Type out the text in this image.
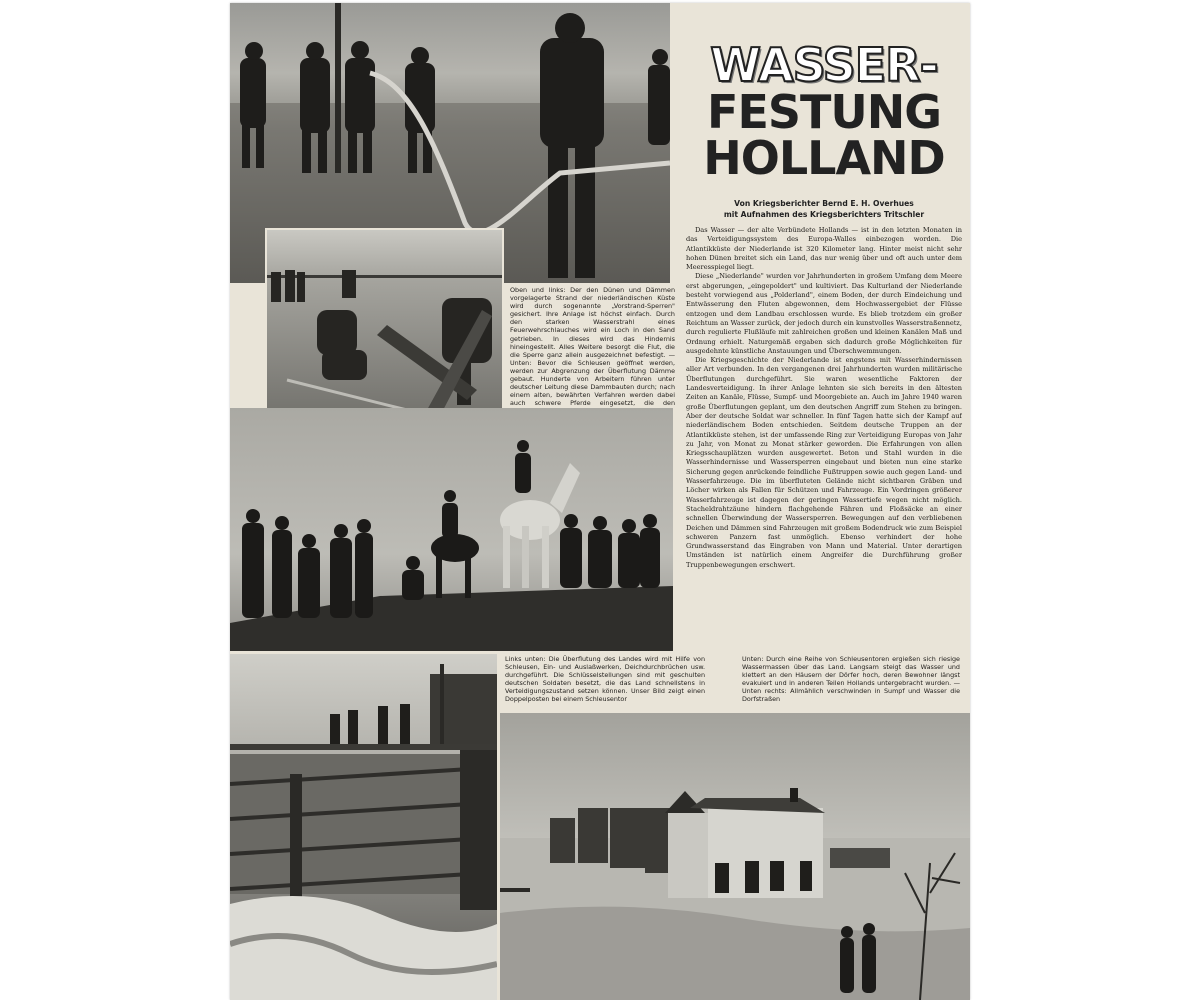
Oben und links: Der den Dünen und Dämmen vorgelagerte Strand der niederländischen Küste wird durch sogenannte „Vorstrand-Sperren" gesichert. Ihre Anlage ist höchst einfach. Durch den starken Wasserstrahl eines Feuerwehrschlauches wird ein Loch in den Sand getrieben. In dieses wird das Hindernis hineingestellt. Alles Weitere besorgt die Flut, die die Sperre ganz allein ausgezeichnet befestigt. — Unten: Bevor die Schleusen geöffnet werden, werden zur Abgrenzung der Überflutung Dämme gebaut. Hunderte von Arbeitern führen unter deutscher Leitung diese Dammbauten durch; nach einem alten, bewährten Verfahren werden dabei auch schwere Pferde eingesetzt, die den
WASSER-
FESTUNG
HOLLAND
Von Kriegsberichter Bernd E. H. Overhues
mit Aufnahmen des Kriegsberichters Tritschler

Das Wasser — der alte Verbündete Hollands — ist in den letzten Monaten in das Verteidigungssystem des Europa-Walles einbezogen worden. Die Atlantikküste der Niederlande ist 320 Kilometer lang. Hinter meist nicht sehr hohen Dünen breitet sich ein Land, das nur wenig über und oft auch unter dem Meeresspiegel liegt.

Diese „Niederlande" wurden vor Jahrhunderten in großem Umfang dem Meere erst abgerungen, „eingepoldert" und kultiviert. Das Kulturland der Niederlande besteht vorwiegend aus „Polderland", einem Boden, der durch Eindeichung und Entwässerung den Fluten abgewonnen, dem Hochwassergebiet der Flüsse entzogen und dem Landbau erschlossen wurde. Es blieb trotzdem ein großer Reichtum an Wasser zurück, der jedoch durch ein kunstvolles Wasserstraßennetz, durch regulierte Flußläufe mit zahlreichen großen und kleinen Kanälen Maß und Ordnung erhielt. Naturgemäß ergaben sich dadurch große Möglichkeiten für ausgedehnte künstliche Anstauungen und Überschwemmungen.

Die Kriegsgeschichte der Niederlande ist engstens mit Wasserhindernissen aller Art verbunden. In den vergangenen drei Jahrhunderten wurden militärische Überflutungen durchgeführt. Sie waren wesentliche Faktoren der Landesverteidigung. In ihrer Anlage lehnten sie sich bereits in den ältesten Zeiten an Kanäle, Flüsse, Sumpf- und Moorgebiete an. Auch im Jahre 1940 waren große Überflutungen geplant, um den deutschen Angriff zum Stehen zu bringen. Aber der deutsche Soldat war schneller. In fünf Tagen hatte sich der Kampf auf niederländischem Boden entschieden. Seitdem deutsche Truppen an der Atlantikküste stehen, ist der umfassende Ring zur Verteidigung Europas von Jahr zu Jahr, von Monat zu Monat stärker geworden. Die Erfahrungen von allen Kriegsschauplätzen wurden ausgewertet. Beton und Stahl wurden in die Wasserhindernisse und Wassersperren eingebaut und bieten nun eine starke Sicherung gegen anrückende feindliche Fußtruppen sowie auch gegen Land- und Wasserfahrzeuge. Die im überfluteten Gelände nicht sichtbaren Gräben und Löcher wirken als Fallen für Schützen und Fahrzeuge. Ein Vordringen größerer Wasserfahrzeuge ist dagegen der geringen Wassertiefe wegen nicht möglich. Stacheldrahtzäune hindern flachgehende Fähren und Floßsäcke an einer schnellen Überwindung der Wassersperren. Bewegungen auf den verbliebenen Deichen und Dämmen sind Fahrzeugen mit großem Bodendruck wie zum Beispiel schweren Panzern fast unmöglich. Ebenso verhindert der hohe Grundwasserstand das Eingraben von Mann und Material. Unter derartigen Umständen ist natürlich einem Angreifer die Durchführung großer Truppenbewegungen erschwert.

Links unten: Die Überflutung des Landes wird mit Hilfe von Schleusen, Ein- und Auslaßwerken, Deichdurchbrüchen usw. durchgeführt. Die Schlüsselstellungen sind mit geschulten deutschen Soldaten besetzt, die das Land schnellstens in Verteidigungszustand setzen können. Unser Bild zeigt einen Doppelposten bei einem Schleusentor
Unten: Durch eine Reihe von Schleusentoren ergießen sich riesige Wassermassen über das Land. Langsam steigt das Wasser und klettert an den Häusern der Dörfer hoch, deren Bewohner längst evakuiert und in anderen Teilen Hollands untergebracht wurden. — Unten rechts: Allmählich verschwinden in Sumpf und Wasser die Dorfstraßen
